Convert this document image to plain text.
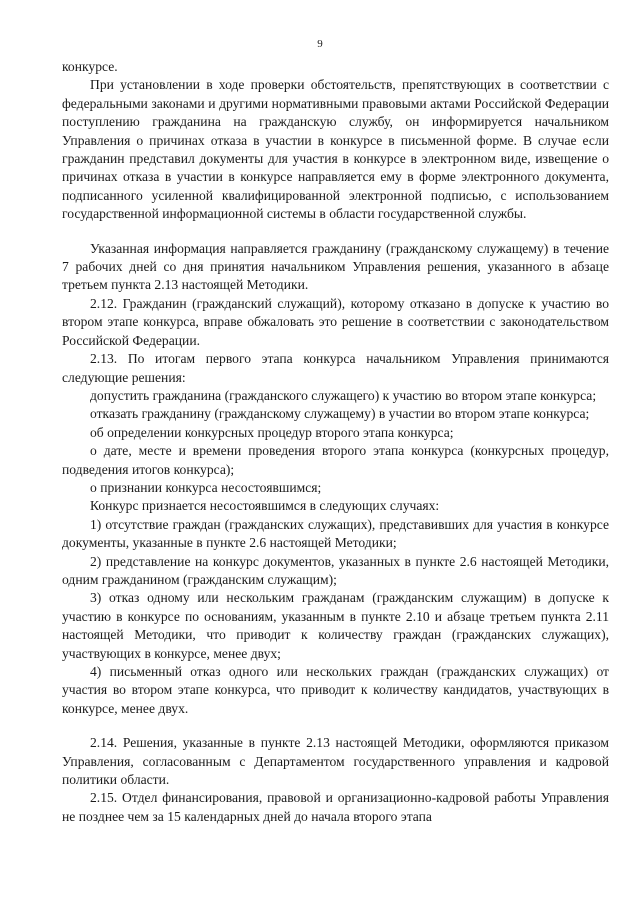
9

конкурсе.

При установлении в ходе проверки обстоятельств, препятствующих в соответствии с федеральными законами и другими нормативными правовыми актами Российской Федерации поступлению гражданина на гражданскую службу, он информируется начальником Управления о причинах отказа в участии в конкурсе в письменной форме. В случае если гражданин представил документы для участия в конкурсе в электронном виде, извещение о причинах отказа в участии в конкурсе направляется ему в форме электронного документа, подписанного усиленной квалифицированной электронной подписью, с использованием государственной информационной системы в области государственной службы.

Указанная информация направляется гражданину (гражданскому служащему) в течение 7 рабочих дней со дня принятия начальником Управления решения, указанного в абзаце третьем пункта 2.13 настоящей Методики.

2.12. Гражданин (гражданский служащий), которому отказано в допуске к участию во втором этапе конкурса, вправе обжаловать это решение в соответствии с законодательством Российской Федерации.

2.13. По итогам первого этапа конкурса начальником Управления принимаются следующие решения:

допустить гражданина (гражданского служащего) к участию во втором этапе конкурса;

отказать гражданину (гражданскому служащему) в участии во втором этапе конкурса;

об определении конкурсных процедур второго этапа конкурса;

о дате, месте и времени проведения второго этапа конкурса (конкурсных процедур, подведения итогов конкурса);

о признании конкурса несостоявшимся;

Конкурс признается несостоявшимся в следующих случаях:

1) отсутствие граждан (гражданских служащих), представивших для участия в конкурсе документы, указанные в пункте 2.6 настоящей Методики;

2) представление на конкурс документов, указанных в пункте 2.6 настоящей Методики, одним гражданином (гражданским служащим);

3) отказ одному или нескольким гражданам (гражданским служащим) в допуске к участию в конкурсе по основаниям, указанным в пункте 2.10 и абзаце третьем пункта 2.11 настоящей Методики, что приводит к количеству граждан (гражданских служащих), участвующих в конкурсе, менее двух;

4) письменный отказ одного или нескольких граждан (гражданских служащих) от участия во втором этапе конкурса, что приводит к количеству кандидатов, участвующих в конкурсе, менее двух.

2.14. Решения, указанные в пункте 2.13 настоящей Методики, оформляются приказом Управления, согласованным с Департаментом государственного управления и кадровой политики области.

2.15. Отдел финансирования, правовой и организационно-кадровой работы Управления не позднее чем за 15 календарных дней до начала второго этапа
